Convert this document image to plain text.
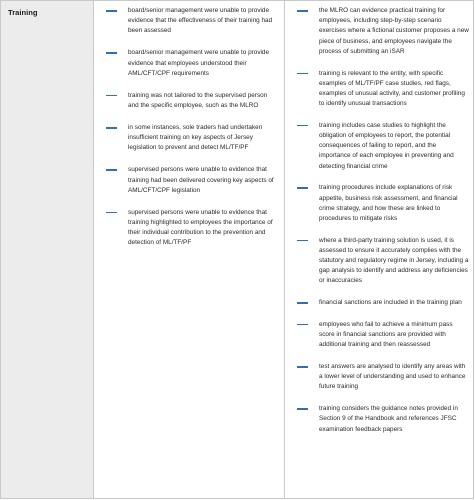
Training	board/senior management were unable to provide evidence that the effectiveness of their training had been assessed
board/senior management were unable to provide evidence that employees understood their AML/CFT/CPF requirements
training was not tailored to the supervised person and the specific employee, such as the MLRO
in some instances, sole traders had undertaken insufficient training on key aspects of Jersey legislation to prevent and detect ML/TF/PF
supervised persons were unable to evidence that training had been delivered covering key aspects of AML/CFT/CPF legislation
supervised persons were unable to evidence that training highlighted to employees the importance of their individual contribution to the prevention and detection of ML/TF/PF
the MLRO can evidence practical training for employees, including step-by-step scenario exercises where a fictional customer proposes a new piece of business, and employees navigate the process of submitting an iSAR
training is relevant to the entity, with specific examples of ML/TF/PF case studies, red flags, examples of unusual activity, and customer profiling to identify unusual transactions
training includes case studies to highlight the obligation of employees to report, the potential consequences of failing to report, and the importance of each employee in preventing and detecting financial crime
training procedures include explanations of risk appetite, business risk assessment, and financial crime strategy, and how these are linked to procedures to mitigate risks
where a third-party training solution is used, it is assessed to ensure it accurately complies with the statutory and regulatory regime in Jersey, including a gap analysis to identify and address any deficiencies or inaccuracies
financial sanctions are included in the training plan
employees who fail to achieve a minimum pass score in financial sanctions are provided with additional training and then reassessed
test answers are analysed to identify any areas with a lower level of understanding and used to enhance future training
training considers the guidance notes provided in Section 9 of the Handbook and references JFSC examination feedback papers
